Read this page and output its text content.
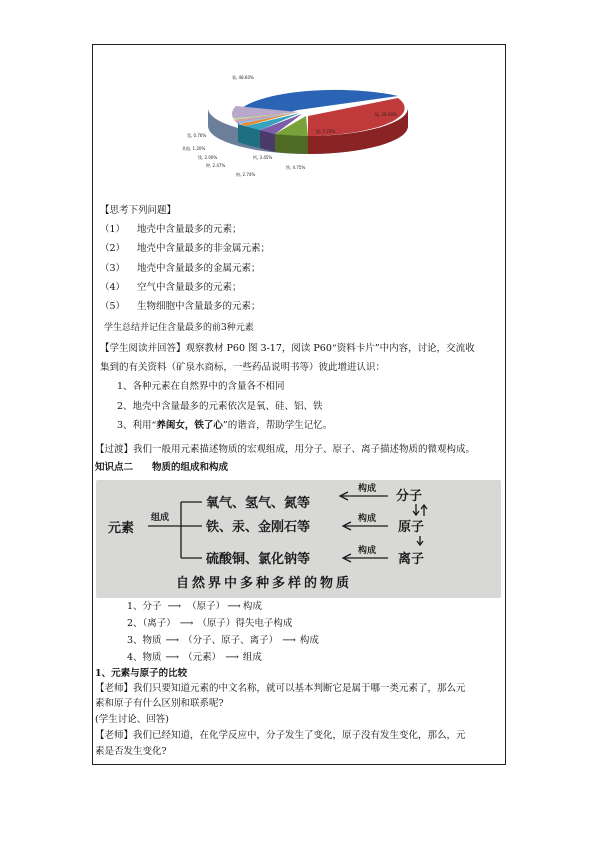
氧, 48.60%
硅, 26.30%
铝, 7.73%
铁, 4.75%
钙, 3.45%
钠, 2.74%
钾, 2.47%
镁, 2.00%
氢, 0.76%
其他, 1.20%
【思考下列问题】
（1） 地壳中含量最多的元素；
（2） 地壳中含量最多的非金属元素；
（3） 地壳中含量最多的金属元素；
（4） 空气中含量最多的元素；
（5） 生物细胞中含量最多的元素；
学生总结并记住含量最多的前3种元素
【学生阅读并回答】观察教材 P60 图 3-17，阅读 P60“资料卡片”中内容，讨论，交流收
集到的有关资料（矿泉水商标，一些药品说明书等）彼此增进认识：
1、各种元素在自然界中的含量各不相同
2、地壳中含量最多的元素依次是氧、硅、铝、铁
3、利用“养闺女，铁了心”的谐音，帮助学生记忆。
【过渡】我们一般用元素描述物质的宏观组成，用分子、原子、离子描述物质的微观构成。
知识点二　　物质的组成和构成
元素
组成
氧气、氢气、氮等
铁、汞、金刚石等
硫酸铜、氯化钠等
构成
构成
构成
分子
原子
离子
自然界中多种多样的物质
1、分子 ⟶ （原子） ⟶ 构成
2、（离子） ⟶ （原子）得失电子构成
3、物质 ⟶ （分子、原子、离子） ⟶ 构成
4、物质 ⟶ （元素） ⟶ 组成
1、元素与原子的比较
【老师】我们只要知道元素的中文名称，就可以基本判断它是属于哪一类元素了，那么元
素和原子有什么区别和联系呢?
(学生讨论、回答)
【老师】我们已经知道，在化学反应中，分子发生了变化，原子没有发生变化，那么，元
素是否发生变化?
